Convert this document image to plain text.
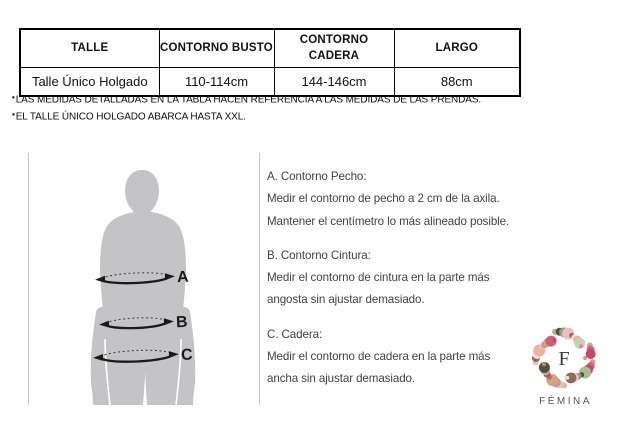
TALLE	CONTORNO BUSTO	CONTORNO CADERA	LARGO
Talle Único Holgado	110-114cm	144-146cm	88cm
•LAS MEDIDAS DETALLADAS EN LA TABLA HACEN REFERENCIA A LAS MEDIDAS DE LAS PRENDAS.
•EL TALLE ÚNICO HOLGADO ABARCA HASTA XXL.
A
B
C
A. Contorno Pecho:
Medir el contorno de pecho a 2 cm de la axila.
Mantener el centímetro lo más alineado posible.
B. Contorno Cintura:
Medir el contorno de cintura en la parte más
angosta sin ajustar demasiado.
C. Cadera:
Medir el contorno de cadera en la parte más
ancha sin ajustar demasiado.
F
FÉMINA
